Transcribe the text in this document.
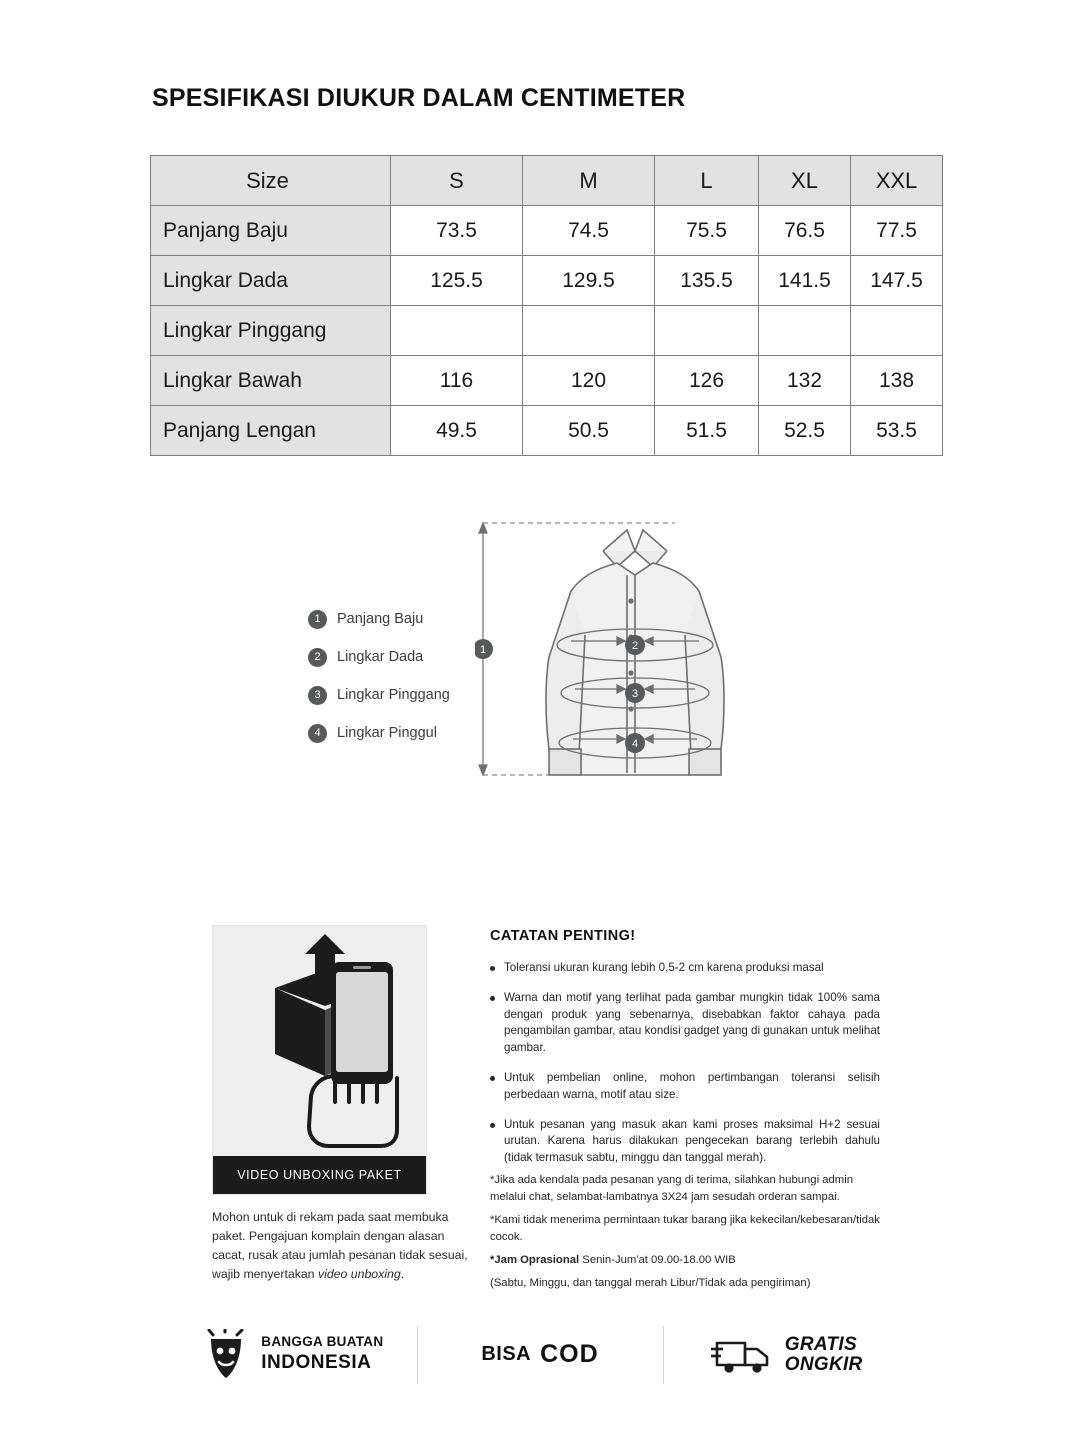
SPESIFIKASI DIUKUR DALAM CENTIMETER
Size	S	M	L	XL	XXL
Panjang Baju	73.5	74.5	75.5	76.5	77.5
Lingkar Dada	125.5	129.5	135.5	141.5	147.5
Lingkar Pinggang					
Lingkar Bawah	116	120	126	132	138
Panjang Lengan	49.5	50.5	51.5	52.5	53.5
1	Panjang Baju
2	Lingkar Dada
3	Lingkar Pinggang
4	Lingkar Pinggul
1	2
3
4
VIDEO UNBOXING PAKET
Mohon untuk di rekam pada saat membuka paket. Pengajuan komplain dengan alasan cacat, rusak atau jumlah pesanan tidak sesuai, wajib menyertakan video unboxing.
CATATAN PENTING!
Toleransi ukuran kurang lebih 0,5-2 cm karena produksi masal
Warna dan motif yang terlihat pada gambar mungkin tidak 100% sama dengan produk yang sebenarnya, disebabkan faktor cahaya pada pengambilan gambar, atau kondisi gadget yang di gunakan untuk melihat gambar.
Untuk pembelian online, mohon pertimbangan toleransi selisih perbedaan warna, motif atau size.
Untuk pesanan yang masuk akan kami proses maksimal H+2 sesuai urutan. Karena harus dilakukan pengecekan barang terlebih dahulu (tidak termasuk sabtu, minggu dan tanggal merah).

*Jika ada kendala pada pesanan yang di terima, silahkan hubungi admin melalui chat, selambat-lambatnya 3X24 jam sesudah orderan sampai.

*Kami tidak menerima permintaan tukar barang jika kekecilan/kebesaran/tidak cocok.

*Jam Oprasional Senin-Jum'at 09.00-18.00 WIB

(Sabtu, Minggu, dan tanggal merah Libur/Tidak ada pengiriman)

BANGGA BUATAN
INDONESIA	BISA COD	GRATIS
ONGKIR
